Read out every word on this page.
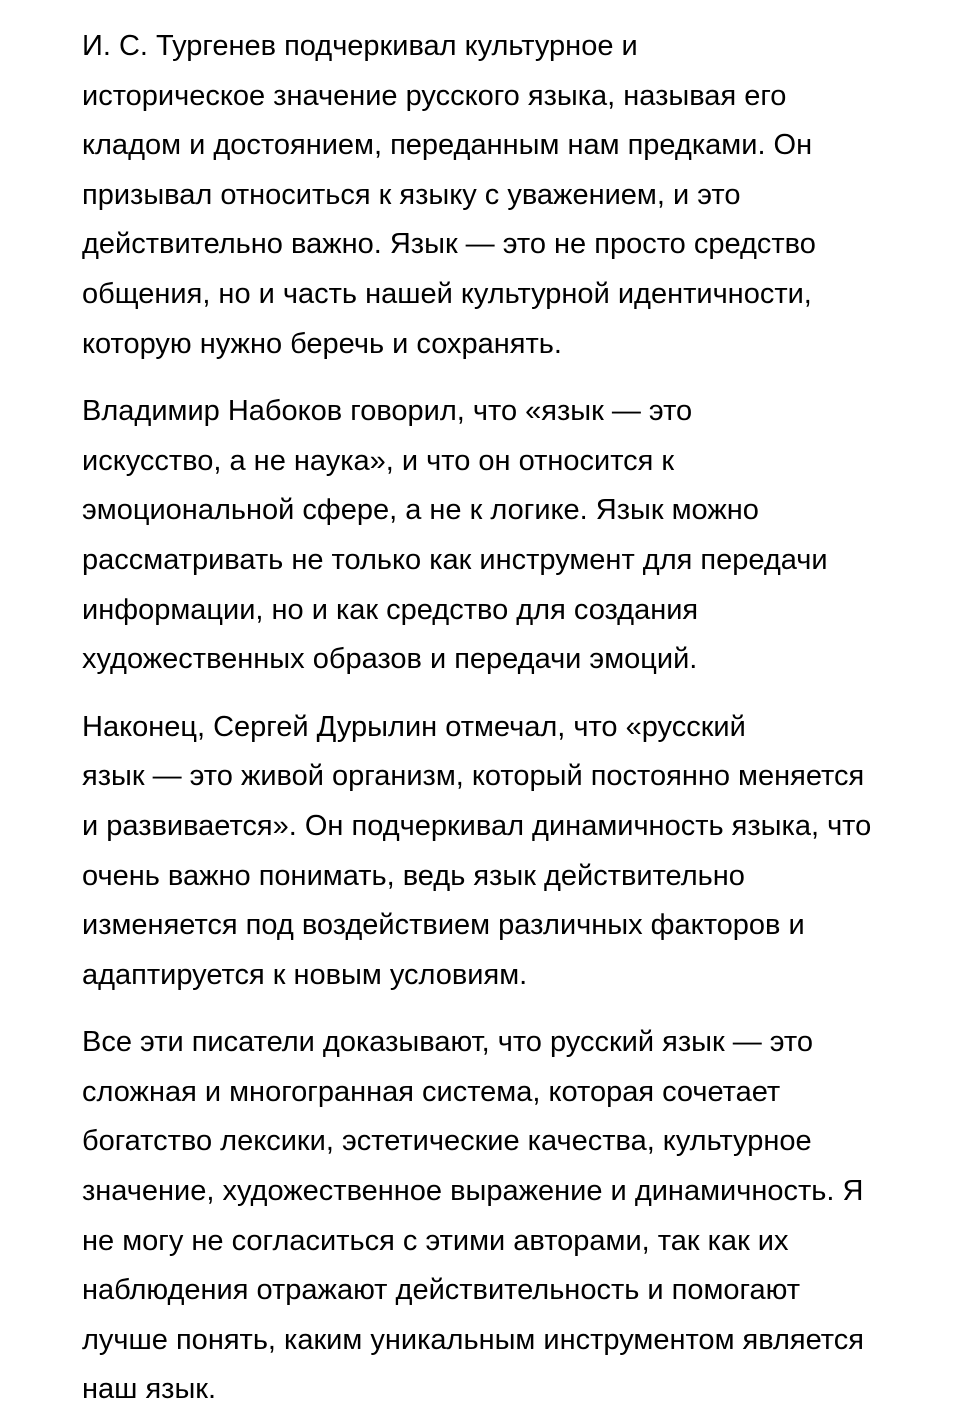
И. С. Тургенев подчеркивал культурное и
историческое значение русского языка, называя его
кладом и достоянием, переданным нам предками. Он
призывал относиться к языку с уважением, и это
действительно важно. Язык — это не просто средство
общения, но и часть нашей культурной идентичности,
которую нужно беречь и сохранять.

Владимир Набоков говорил, что «язык — это
искусство, а не наука», и что он относится к
эмоциональной сфере, а не к логике. Язык можно
рассматривать не только как инструмент для передачи
информации, но и как средство для создания
художественных образов и передачи эмоций.

Наконец, Сергей Дурылин отмечал, что «русский
язык — это живой организм, который постоянно меняется
и развивается». Он подчеркивал динамичность языка, что
очень важно понимать, ведь язык действительно
изменяется под воздействием различных факторов и
адаптируется к новым условиям.

Все эти писатели доказывают, что русский язык — это
сложная и многогранная система, которая сочетает
богатство лексики, эстетические качества, культурное
значение, художественное выражение и динамичность. Я
не могу не согласиться с этими авторами, так как их
наблюдения отражают действительность и помогают
лучше понять, каким уникальным инструментом является
наш язык.
